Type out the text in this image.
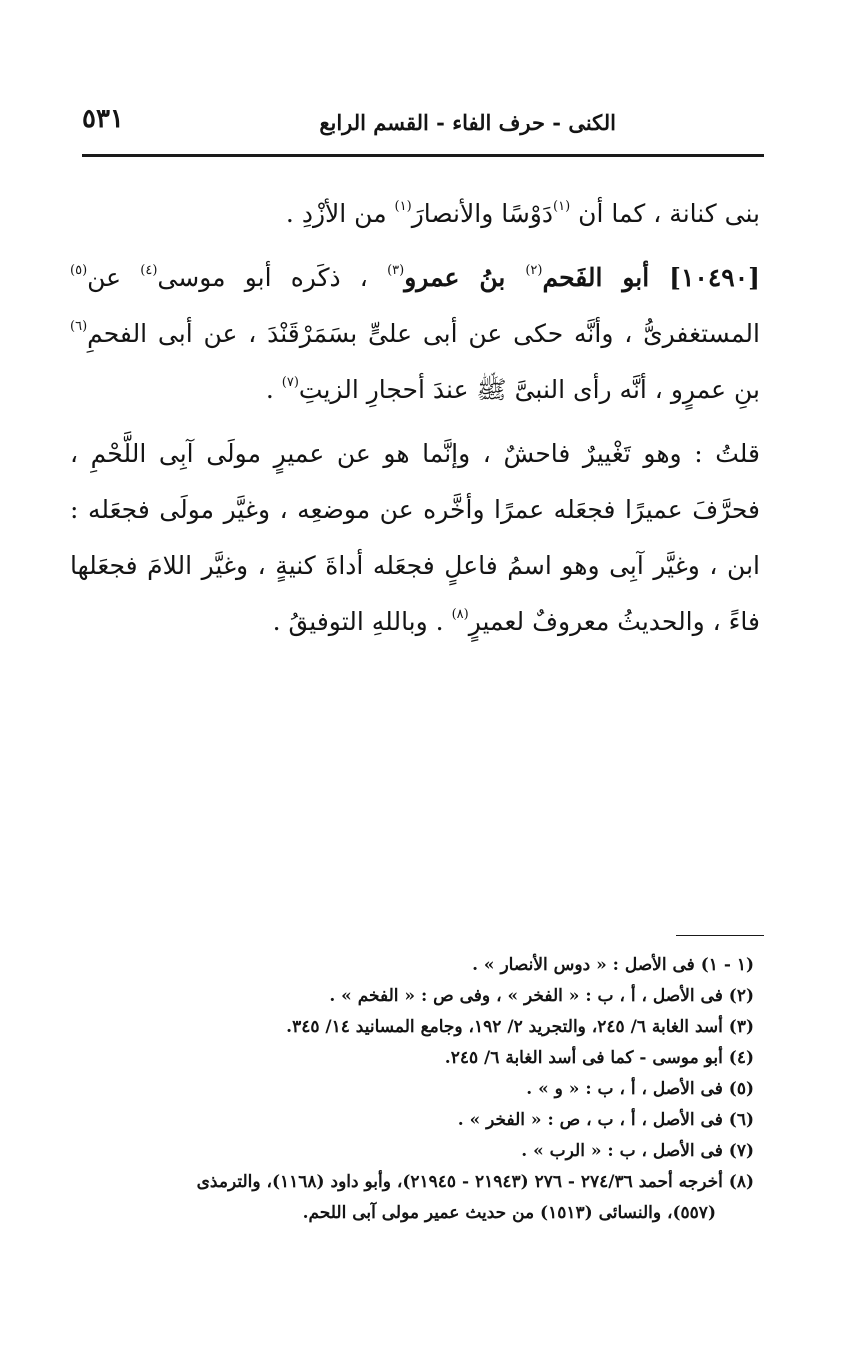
الكنى - حرف الفاء - القسم الرابع
٥٣١

بنى كنانة ، كما أن $^{(١)}$دَوْسًا والأنصارَ$^{(١)}$ من الأزْدِ .

[١٠٤٩٠] أبو الفَحم$^{(٢)}$ بنُ عمرو$^{(٣)}$ ، ذكَره أبو موسى$^{(٤)}$ عن$^{(٥)}$ المستغفرىُّ ، وأنَّه حكى عن أبى علىٍّ بسَمَرْقَنْدَ ، عن أبى الفحمِ$^{(٦)}$ بنِ عمرٍو ، أنَّه رأى النبىَّ ﷺ عندَ أحجارِ الزيتِ$^{(٧)}$ .

قلتُ : وهو تَغْييرٌ فاحشٌ ، وإنَّما هو عن عميرٍ مولَى آبِى اللَّحْمِ ، فحرَّفَ عميرًا فجعَله عمرًا وأخَّره عن موضعِه ، وغيَّر مولَى فجعَله : ابن ، وغيَّر آبِى وهو اسمُ فاعلٍ فجعَله أداةَ كنيةٍ ، وغيَّر اللامَ فجعَلها فاءً ، والحديثُ معروفٌ لعميرٍ$^{(٨)}$ . وباللهِ التوفيقُ .

(١ - ١) فى الأصل : « دوس الأنصار » .
(٢) فى الأصل ، أ ، ب : « الفخر » ، وفى ص : « الفخم » .
(٣) أسد الغابة ٦/ ٢٤٥، والتجريد ٢/ ١٩٢، وجامع المسانيد ١٤/ ٣٤٥.
(٤) أبو موسى - كما فى أسد الغابة ٦/ ٢٤٥.
(٥) فى الأصل ، أ ، ب : « و » .
(٦) فى الأصل ، أ ، ب ، ص : « الفخر » .
(٧) فى الأصل ، ب : « الرب » .
(٨) أخرجه أحمد ٢٧٤/٣٦ - ٢٧٦ (٢١٩٤٣ - ٢١٩٤٥)، وأبو داود (١١٦٨)، والترمذى
(٥٥٧)، والنسائى (١٥١٣) من حديث عمير مولى آبى اللحم.
